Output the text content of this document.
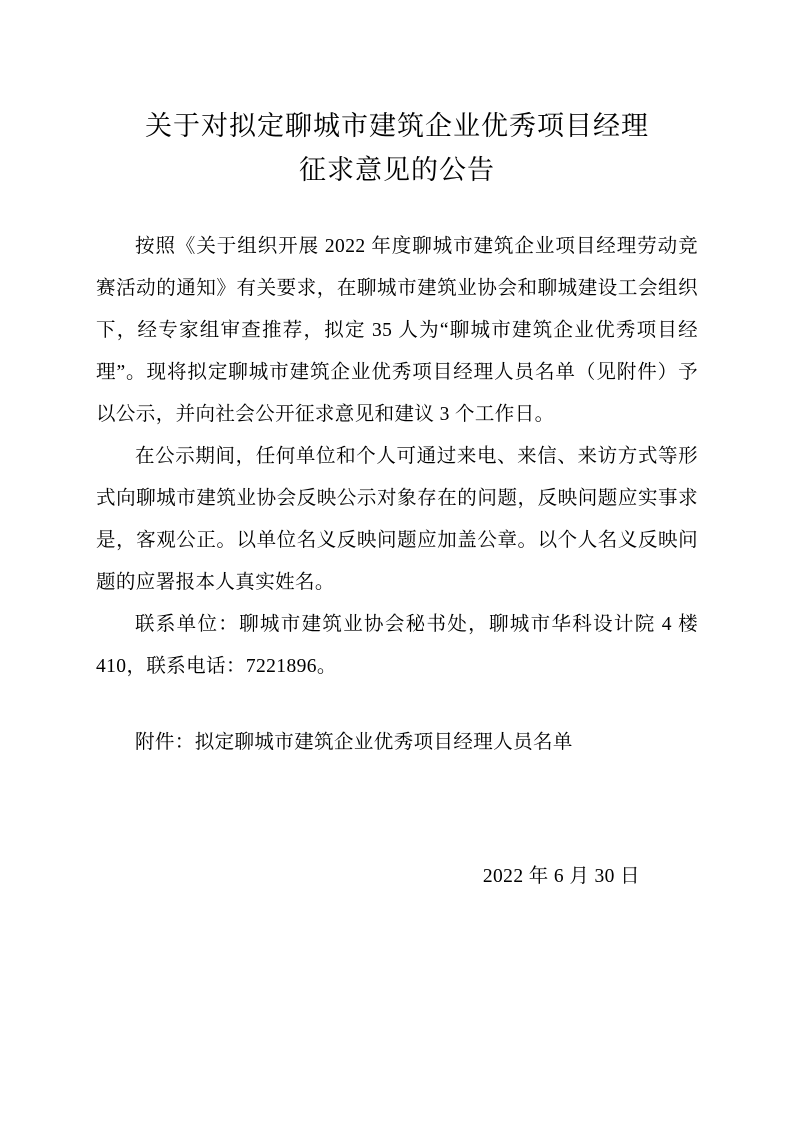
关于对拟定聊城市建筑企业优秀项目经理
征求意见的公告

按照《关于组织开展 2022 年度聊城市建筑企业项目经理劳动竞赛活动的通知》有关要求，在聊城市建筑业协会和聊城建设工会组织下，经专家组审查推荐，拟定 35 人为“聊城市建筑企业优秀项目经理”。现将拟定聊城市建筑企业优秀项目经理人员名单（见附件）予以公示，并向社会公开征求意见和建议 3 个工作日。

在公示期间，任何单位和个人可通过来电、来信、来访方式等形式向聊城市建筑业协会反映公示对象存在的问题，反映问题应实事求是，客观公正。以单位名义反映问题应加盖公章。以个人名义反映问题的应署报本人真实姓名。

联系单位：聊城市建筑业协会秘书处，聊城市华科设计院 4 楼 410，联系电话：7221896。

附件：拟定聊城市建筑企业优秀项目经理人员名单

2022 年 6 月 30 日
